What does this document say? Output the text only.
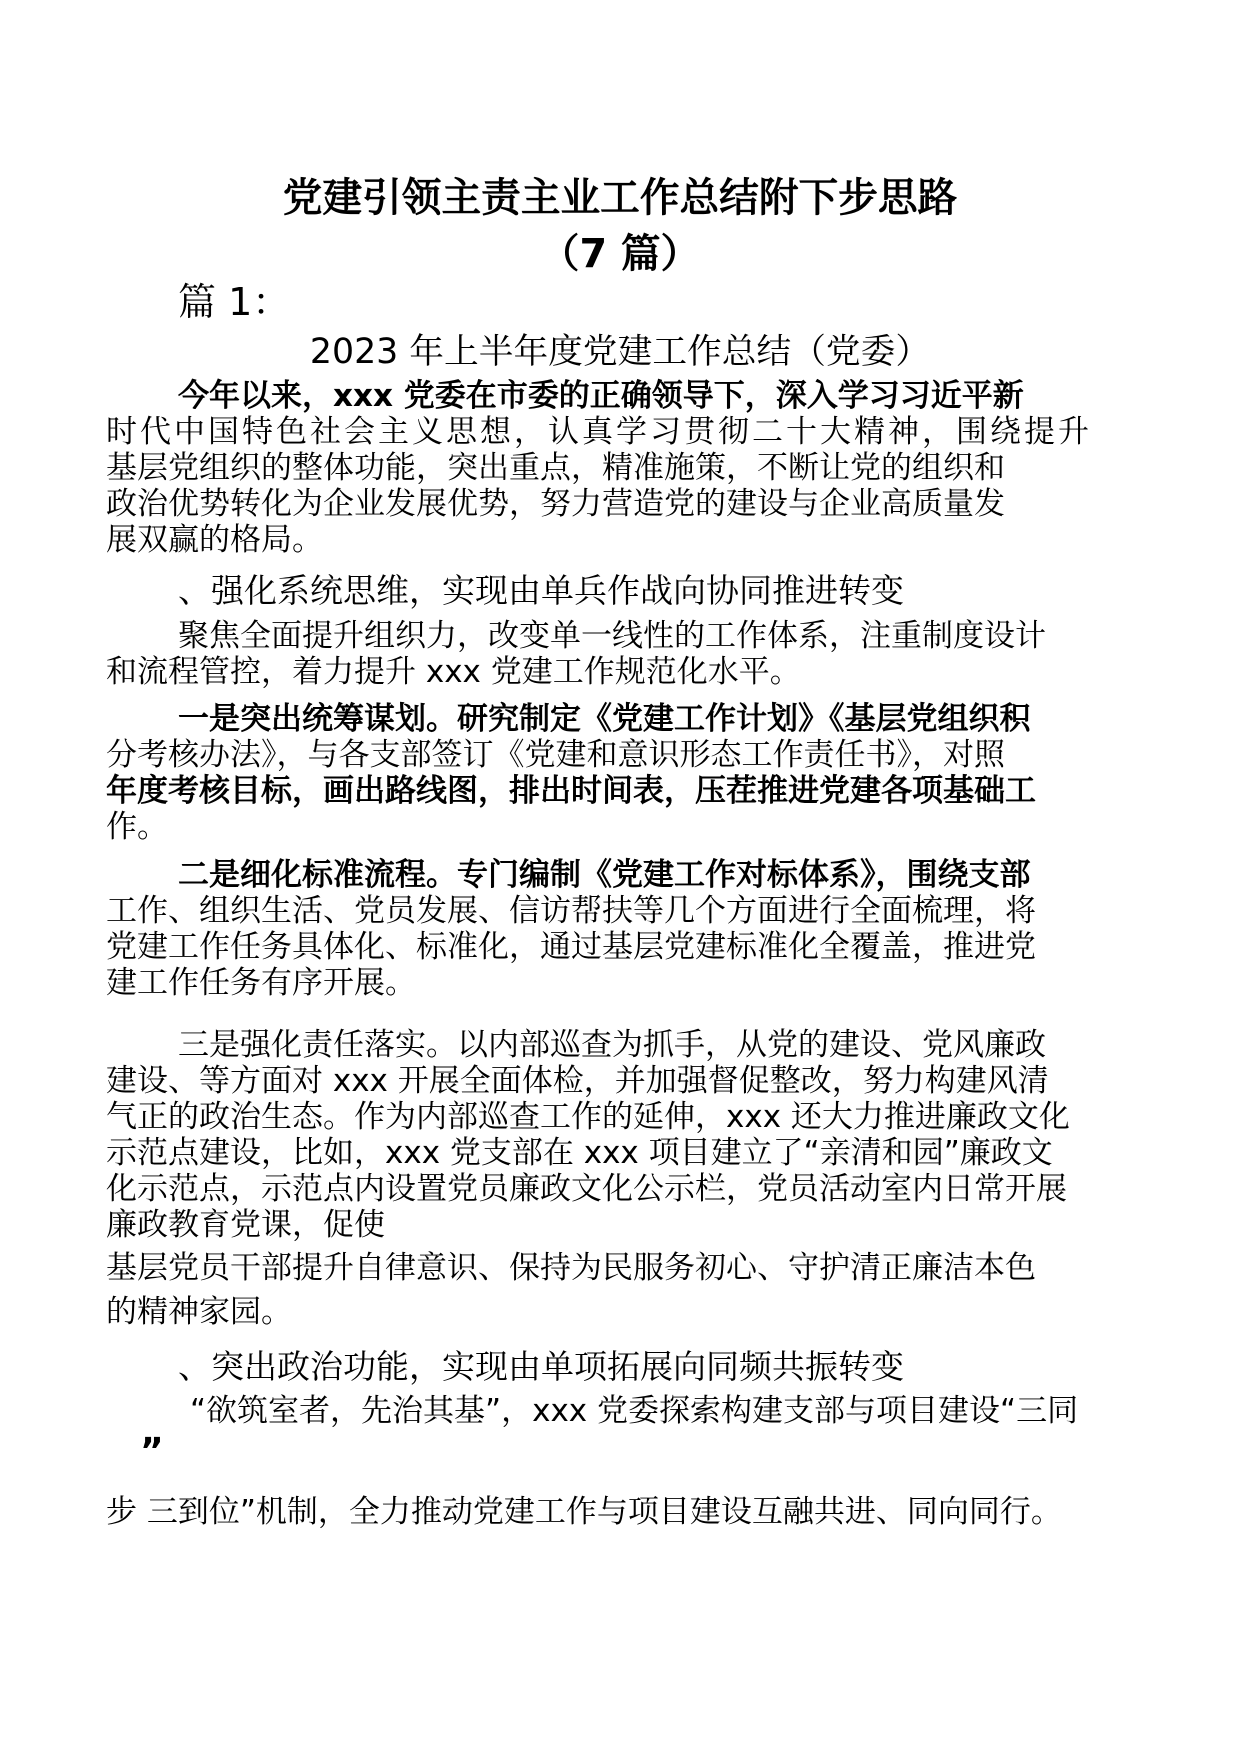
党建引领主责主业工作总结附下步思路
（7 篇）
篇 1：
2023 年上半年度党建工作总结（党委）
今年以来，xxx 党委在市委的正确领导下，深入学习习近平新
时代中国特色社会主义思想，认真学习贯彻二十大精神，围绕提升
基层党组织的整体功能，突出重点，精准施策，不断让党的组织和
政治优势转化为企业发展优势，努力营造党的建设与企业高质量发
展双赢的格局。
、强化系统思维，实现由单兵作战向协同推进转变
聚焦全面提升组织力，改变单一线性的工作体系，注重制度设计
和流程管控，着力提升 xxx 党建工作规范化水平。
一是突出统筹谋划。研究制定《党建工作计划》《基层党组织积
分考核办法》，与各支部签订《党建和意识形态工作责任书》，对照
年度考核目标，画出路线图，排出时间表，压茬推进党建各项基础工
作。
二是细化标准流程。专门编制《党建工作对标体系》，围绕支部
工作、组织生活、党员发展、信访帮扶等几个方面进行全面梳理，将
党建工作任务具体化、标准化，通过基层党建标准化全覆盖，推进党
建工作任务有序开展。
三是强化责任落实。以内部巡查为抓手，从党的建设、党风廉政
建设、等方面对 xxx 开展全面体检，并加强督促整改，努力构建风清
气正的政治生态。作为内部巡查工作的延伸，xxx 还大力推进廉政文化
示范点建设，比如，xxx 党支部在 xxx 项目建立了“亲清和园”廉政文
化示范点，示范点内设置党员廉政文化公示栏，党员活动室内日常开展
廉政教育党课，促使
基层党员干部提升自律意识、保持为民服务初心、守护清正廉洁本色
的精神家园。
、突出政治功能，实现由单项拓展向同频共振转变
“欲筑室者，先治其基”，xxx 党委探索构建支部与项目建设“三同
”
步 三到位”机制，全力推动党建工作与项目建设互融共进、同向同行。
